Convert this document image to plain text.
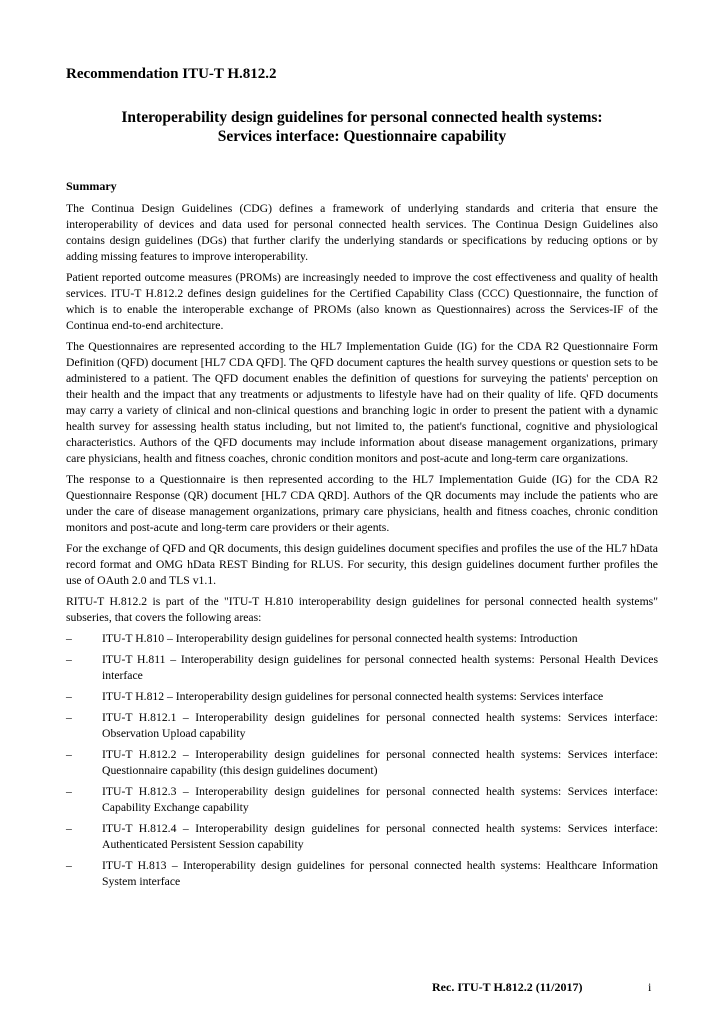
Recommendation ITU-T H.812.2
Interoperability design guidelines for personal connected health systems:
Services interface: Questionnaire capability
Summary

The Continua Design Guidelines (CDG) defines a framework of underlying standards and criteria that ensure the interoperability of devices and data used for personal connected health services. The Continua Design Guidelines also contains design guidelines (DGs) that further clarify the underlying standards or specifications by reducing options or by adding missing features to improve interoperability.

Patient reported outcome measures (PROMs) are increasingly needed to improve the cost effectiveness and quality of health services. ITU-T H.812.2 defines design guidelines for the Certified Capability Class (CCC) Questionnaire, the function of which is to enable the interoperable exchange of PROMs (also known as Questionnaires) across the Services-IF of the Continua end-to-end architecture.

The Questionnaires are represented according to the HL7 Implementation Guide (IG) for the CDA R2 Questionnaire Form Definition (QFD) document [HL7 CDA QFD]. The QFD document captures the health survey questions or question sets to be administered to a patient. The QFD document enables the definition of questions for surveying the patients' perception on their health and the impact that any treatments or adjustments to lifestyle have had on their quality of life. QFD documents may carry a variety of clinical and non-clinical questions and branching logic in order to present the patient with a dynamic health survey for assessing health status including, but not limited to, the patient's functional, cognitive and physiological characteristics. Authors of the QFD documents may include information about disease management organizations, primary care physicians, health and fitness coaches, chronic condition monitors and post-acute and long-term care organizations.

The response to a Questionnaire is then represented according to the HL7 Implementation Guide (IG) for the CDA R2 Questionnaire Response (QR) document [HL7 CDA QRD]. Authors of the QR documents may include the patients who are under the care of disease management organizations, primary care physicians, health and fitness coaches, chronic condition monitors and post-acute and long-term care providers or their agents.

For the exchange of QFD and QR documents, this design guidelines document specifies and profiles the use of the HL7 hData record format and OMG hData REST Binding for RLUS. For security, this design guidelines document further profiles the use of OAuth 2.0 and TLS v1.1.

RITU-T H.812.2 is part of the "ITU-T H.810 interoperability design guidelines for personal connected health systems" subseries, that covers the following areas:

–	ITU-T H.810 – Interoperability design guidelines for personal connected health systems: Introduction
–	ITU-T H.811 – Interoperability design guidelines for personal connected health systems: Personal Health Devices interface
–	ITU-T H.812 – Interoperability design guidelines for personal connected health systems: Services interface
–	ITU-T H.812.1 – Interoperability design guidelines for personal connected health systems: Services interface: Observation Upload capability
–	ITU-T H.812.2 – Interoperability design guidelines for personal connected health systems: Services interface: Questionnaire capability (this design guidelines document)
–	ITU-T H.812.3 – Interoperability design guidelines for personal connected health systems: Services interface: Capability Exchange capability
–	ITU-T H.812.4 – Interoperability design guidelines for personal connected health systems: Services interface: Authenticated Persistent Session capability
–	ITU-T H.813 – Interoperability design guidelines for personal connected health systems: Healthcare Information System interface
Rec. ITU-T H.812.2 (11/2017)	i
